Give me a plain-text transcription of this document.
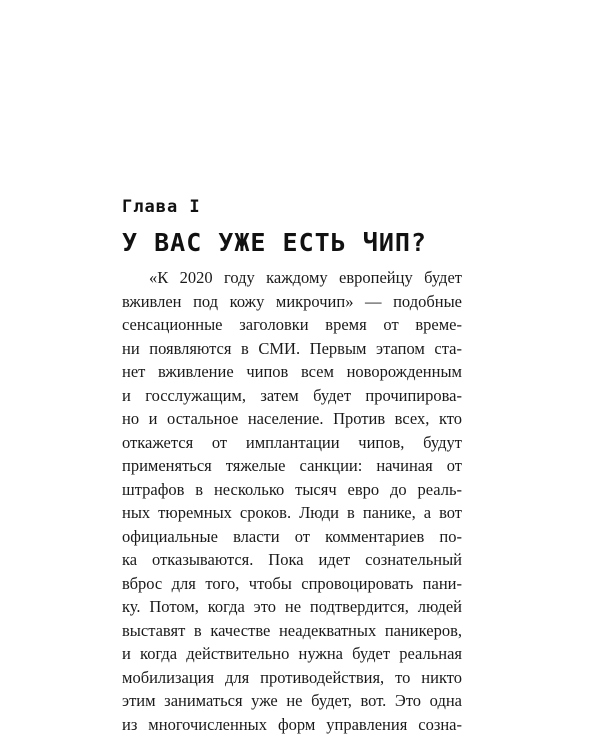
Глава I
У ВАС УЖЕ ЕСТЬ ЧИП?
«К 2020 году каждому европейцу будет
вживлен под кожу микрочип» — подобные
сенсационные заголовки время от време-
ни появляются в СМИ. Первым этапом ста-
нет вживление чипов всем новорожденным
и госслужащим, затем будет прочипирова-
но и остальное население. Против всех, кто
откажется от имплантации чипов, будут
применяться тяжелые санкции: начиная от
штрафов в несколько тысяч евро до реаль-
ных тюремных сроков. Люди в панике, а вот
официальные власти от комментариев по-
ка отказываются. Пока идет сознательный
вброс для того, чтобы спровоцировать пани-
ку. Потом, когда это не подтвердится, людей
выставят в качестве неадекватных паникеров,
и когда действительно нужна будет реальная
мобилизация для противодействия, то никто
этим заниматься уже не будет, вот. Это одна
из многочисленных форм управления созна-
